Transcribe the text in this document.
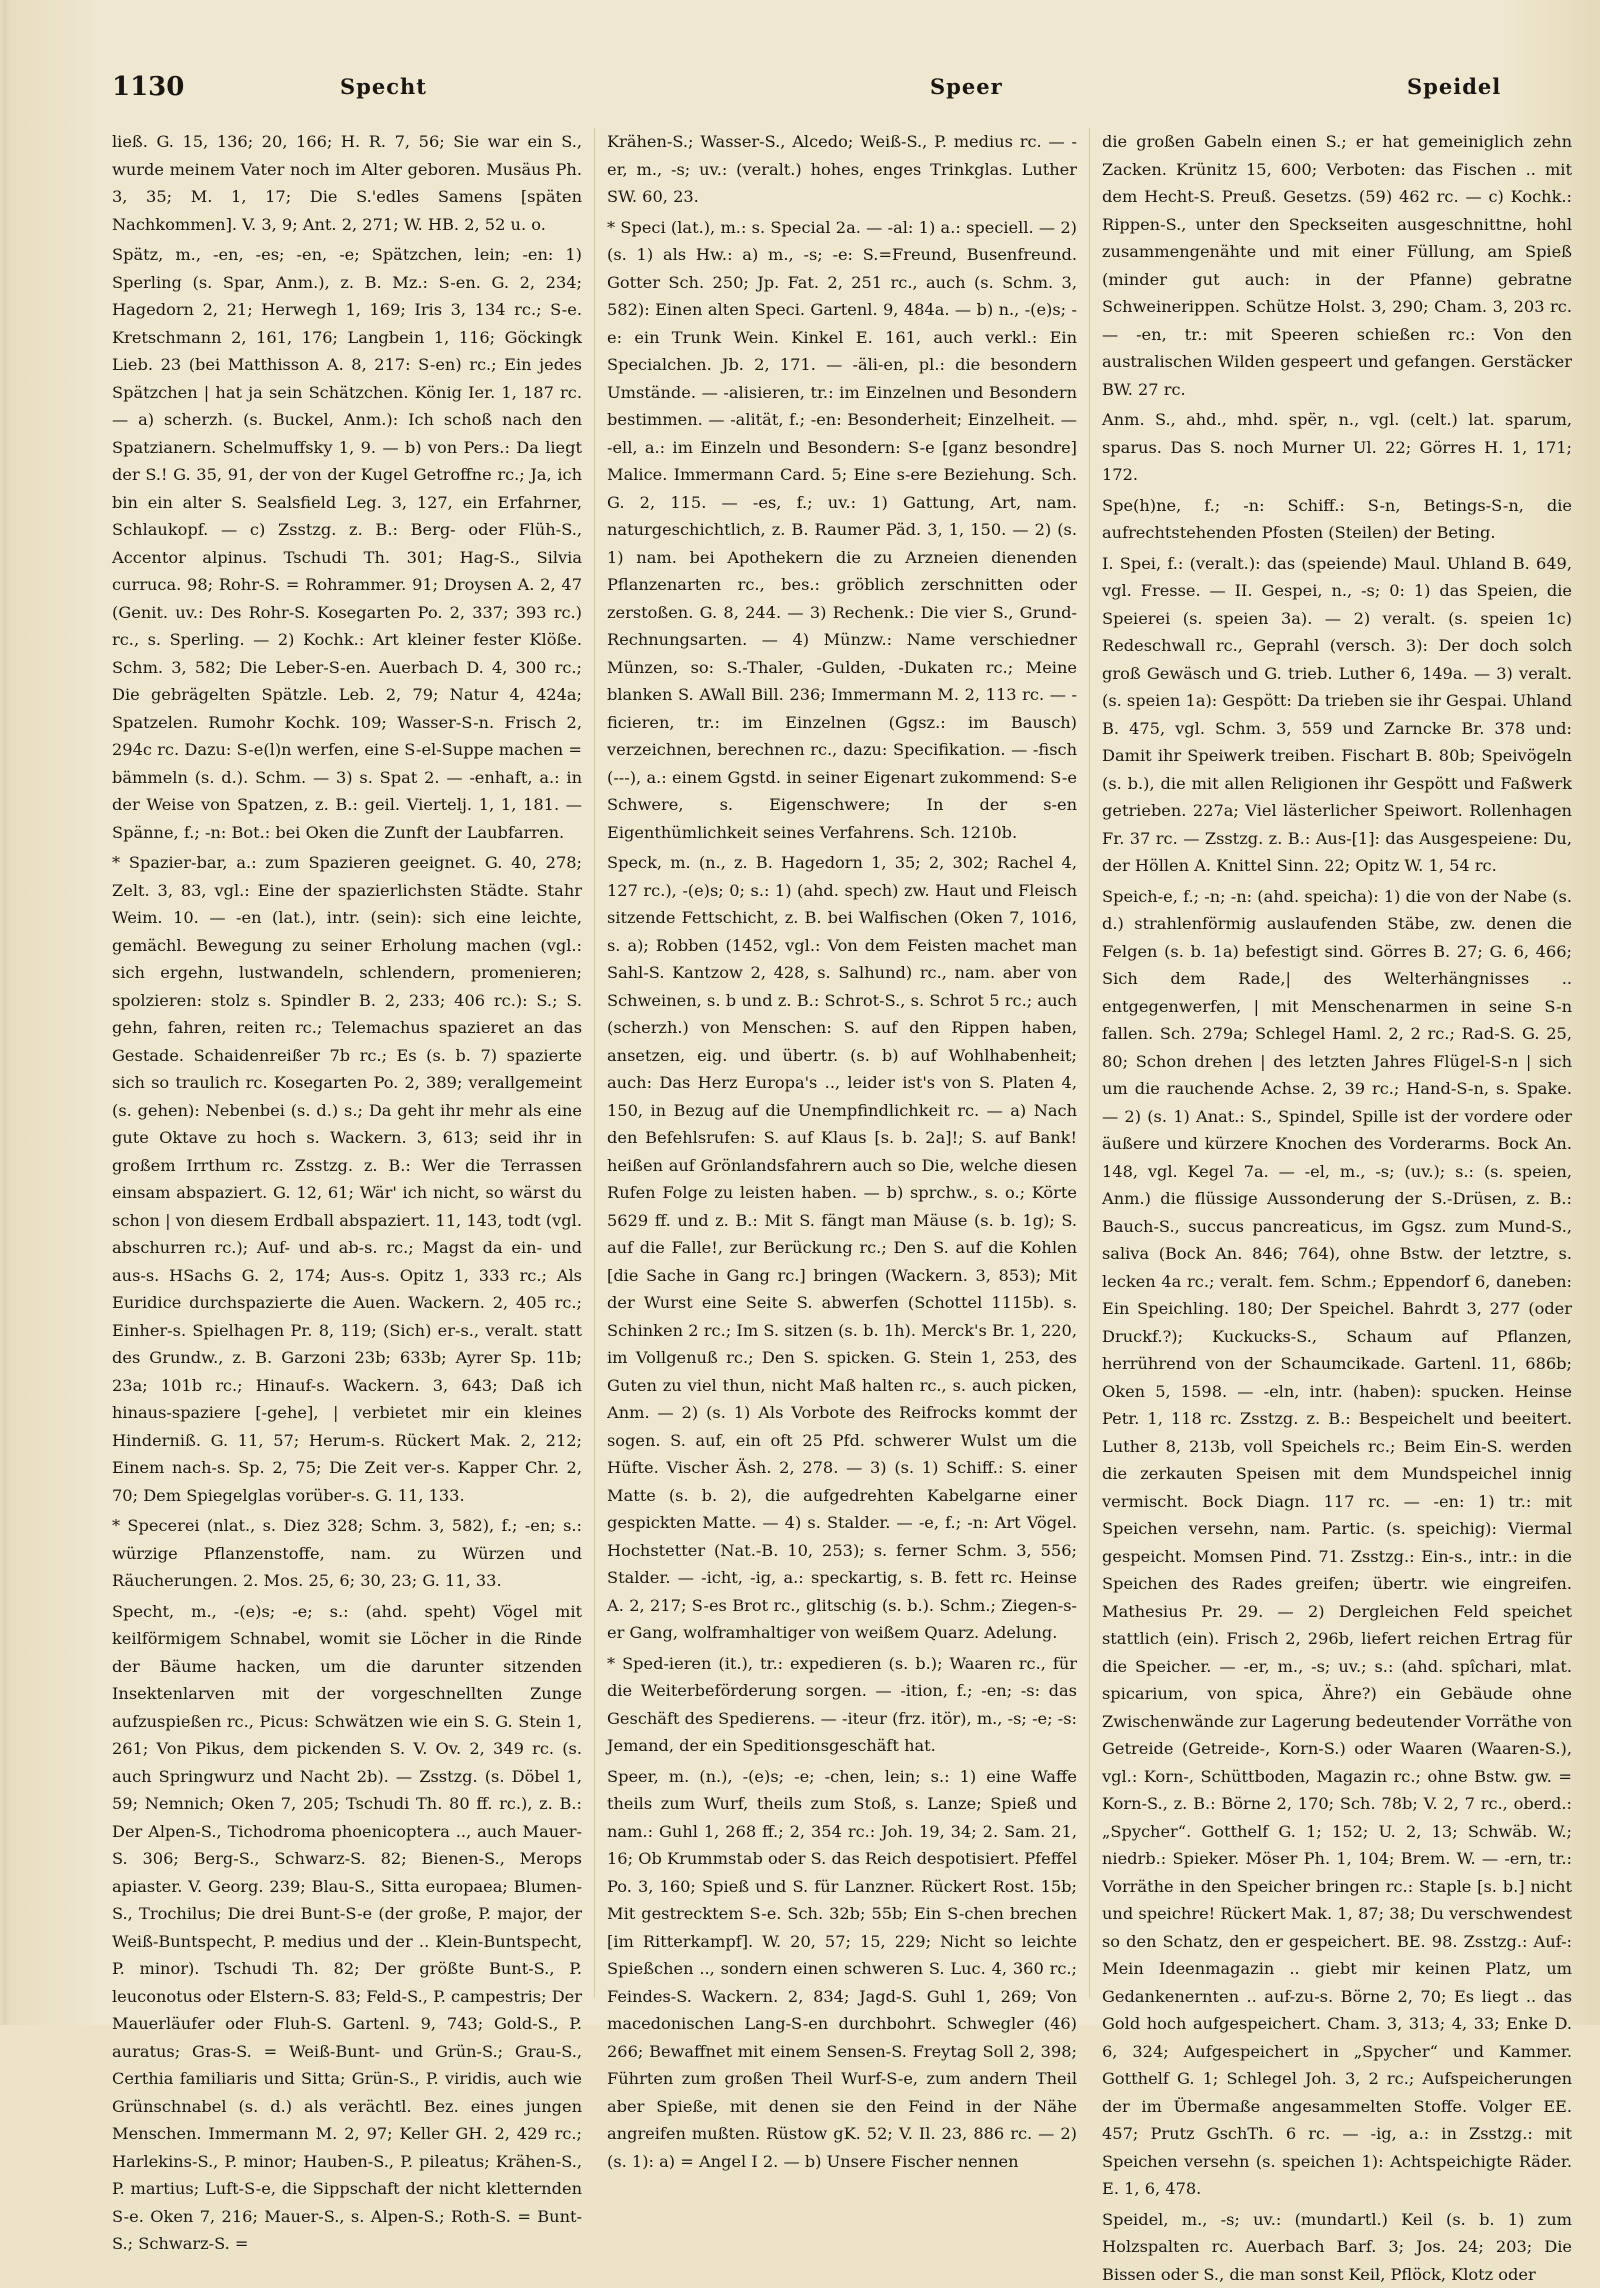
1130	Specht	Speer	Speidel

ließ. G. 15, 136; 20, 166; H. R. 7, 56; Sie war ein S., wurde meinem Vater noch im Alter geboren. Musäus Ph. 3, 35; M. 1, 17; Die S.'edles Samens [späten Nachkommen]. V. 3, 9; Ant. 2, 271; W. HB. 2, 52 u. o.

Spätz, m., -en, -es; -en, -e; Spätzchen, lein; -en: 1) Sperling (s. Spar, Anm.), z. B. Mz.: S-en. G. 2, 234; Hagedorn 2, 21; Herwegh 1, 169; Iris 3, 134 rc.; S-e. Kretschmann 2, 161, 176; Langbein 1, 116; Göckingk Lieb. 23 (bei Matthisson A. 8, 217: S-en) rc.; Ein jedes Spätzchen | hat ja sein Schätzchen. König Ier. 1, 187 rc. — a) scherzh. (s. Buckel, Anm.): Ich schoß nach den Spatzianern. Schelmuffsky 1, 9. — b) von Pers.: Da liegt der S.! G. 35, 91, der von der Kugel Getroffne rc.; Ja, ich bin ein alter S. Sealsfield Leg. 3, 127, ein Erfahrner, Schlaukopf. — c) Zsstzg. z. B.: Berg- oder Flüh-S., Accentor alpinus. Tschudi Th. 301; Hag-S., Silvia curruca. 98; Rohr-S. = Rohrammer. 91; Droysen A. 2, 47 (Genit. uv.: Des Rohr-S. Kosegarten Po. 2, 337; 393 rc.) rc., s. Sperling. — 2) Kochk.: Art kleiner fester Klöße. Schm. 3, 582; Die Leber-S-en. Auerbach D. 4, 300 rc.; Die gebrägelten Spätzle. Leb. 2, 79; Natur 4, 424a; Spatzelen. Rumohr Kochk. 109; Wasser-S-n. Frisch 2, 294c rc. Dazu: S-e(l)n werfen, eine S-el-Suppe machen = bämmeln (s. d.). Schm. — 3) s. Spat 2. — -enhaft, a.: in der Weise von Spatzen, z. B.: geil. Viertelj. 1, 1, 181. — Spänne, f.; -n: Bot.: bei Oken die Zunft der Laubfarren.

* Spazier-bar, a.: zum Spazieren geeignet. G. 40, 278; Zelt. 3, 83, vgl.: Eine der spazierlichsten Städte. Stahr Weim. 10. — -en (lat.), intr. (sein): sich eine leichte, gemächl. Bewegung zu seiner Erholung machen (vgl.: sich ergehn, lustwandeln, schlendern, promenieren; spolzieren: stolz s. Spindler B. 2, 233; 406 rc.): S.; S. gehn, fahren, reiten rc.; Telemachus spazieret an das Gestade. Schaidenreißer 7b rc.; Es (s. b. 7) spazierte sich so traulich rc. Kosegarten Po. 2, 389; verallgemeint (s. gehen): Nebenbei (s. d.) s.; Da geht ihr mehr als eine gute Oktave zu hoch s. Wackern. 3, 613; seid ihr in großem Irrthum rc. Zsstzg. z. B.: Wer die Terrassen einsam abspaziert. G. 12, 61; Wär' ich nicht, so wärst du schon | von diesem Erdball abspaziert. 11, 143, todt (vgl. abschurren rc.); Auf- und ab-s. rc.; Magst da ein- und aus-s. HSachs G. 2, 174; Aus-s. Opitz 1, 333 rc.; Als Euridice durchspazierte die Auen. Wackern. 2, 405 rc.; Einher-s. Spielhagen Pr. 8, 119; (Sich) er-s., veralt. statt des Grundw., z. B. Garzoni 23b; 633b; Ayrer Sp. 11b; 23a; 101b rc.; Hinauf-s. Wackern. 3, 643; Daß ich hinaus-spaziere [-gehe], | verbietet mir ein kleines Hinderniß. G. 11, 57; Herum-s. Rückert Mak. 2, 212; Einem nach-s. Sp. 2, 75; Die Zeit ver-s. Kapper Chr. 2, 70; Dem Spiegelglas vorüber-s. G. 11, 133.

* Specerei (nlat., s. Diez 328; Schm. 3, 582), f.; -en; s.: würzige Pflanzenstoffe, nam. zu Würzen und Räucherungen. 2. Mos. 25, 6; 30, 23; G. 11, 33.

Specht, m., -(e)s; -e; s.: (ahd. speht) Vögel mit keilförmigem Schnabel, womit sie Löcher in die Rinde der Bäume hacken, um die darunter sitzenden Insektenlarven mit der vorgeschnellten Zunge aufzuspießen rc., Picus: Schwätzen wie ein S. G. Stein 1, 261; Von Pikus, dem pickenden S. V. Ov. 2, 349 rc. (s. auch Springwurz und Nacht 2b). — Zsstzg. (s. Döbel 1, 59; Nemnich; Oken 7, 205; Tschudi Th. 80 ff. rc.), z. B.: Der Alpen-S., Tichodroma phoenicoptera .., auch Mauer-S. 306; Berg-S., Schwarz-S. 82; Bienen-S., Merops apiaster. V. Georg. 239; Blau-S., Sitta europaea; Blumen-S., Trochilus; Die drei Bunt-S-e (der große, P. major, der Weiß-Buntspecht, P. medius und der .. Klein-Buntspecht, P. minor). Tschudi Th. 82; Der größte Bunt-S., P. leuconotus oder Elstern-S. 83; Feld-S., P. campestris; Der Mauerläufer oder Fluh-S. Gartenl. 9, 743; Gold-S., P. auratus; Gras-S. = Weiß-Bunt- und Grün-S.; Grau-S., Certhia familiaris und Sitta; Grün-S., P. viridis, auch wie Grünschnabel (s. d.) als verächtl. Bez. eines jungen Menschen. Immermann M. 2, 97; Keller GH. 2, 429 rc.; Harlekins-S., P. minor; Hauben-S., P. pileatus; Krähen-S., P. martius; Luft-S-e, die Sippschaft der nicht kletternden S-e. Oken 7, 216; Mauer-S., s. Alpen-S.; Roth-S. = Bunt-S.; Schwarz-S. =

Krähen-S.; Wasser-S., Alcedo; Weiß-S., P. medius rc. — -er, m., -s; uv.: (veralt.) hohes, enges Trinkglas. Luther SW. 60, 23.

* Speci (lat.), m.: s. Special 2a. — -al: 1) a.: speciell. — 2) (s. 1) als Hw.: a) m., -s; -e: S.=Freund, Busenfreund. Gotter Sch. 250; Jp. Fat. 2, 251 rc., auch (s. Schm. 3, 582): Einen alten Speci. Gartenl. 9, 484a. — b) n., -(e)s; -e: ein Trunk Wein. Kinkel E. 161, auch verkl.: Ein Specialchen. Jb. 2, 171. — -äli-en, pl.: die besondern Umstände. — -alisieren, tr.: im Einzelnen und Besondern bestimmen. — -alität, f.; -en: Besonderheit; Einzelheit. — -ell, a.: im Einzeln und Besondern: S-e [ganz besondre] Malice. Immermann Card. 5; Eine s-ere Beziehung. Sch. G. 2, 115. — -es, f.; uv.: 1) Gattung, Art, nam. naturgeschichtlich, z. B. Raumer Päd. 3, 1, 150. — 2) (s. 1) nam. bei Apothekern die zu Arzneien dienenden Pflanzenarten rc., bes.: gröblich zerschnitten oder zerstoßen. G. 8, 244. — 3) Rechenk.: Die vier S., Grund-Rechnungsarten. — 4) Münzw.: Name verschiedner Münzen, so: S.-Thaler, -Gulden, -Dukaten rc.; Meine blanken S. AWall Bill. 236; Immermann M. 2, 113 rc. — -ficieren, tr.: im Einzelnen (Ggsz.: im Bausch) verzeichnen, berechnen rc., dazu: Specifikation. — -fisch (---), a.: einem Ggstd. in seiner Eigenart zukommend: S-e Schwere, s. Eigenschwere; In der s-en Eigenthümlichkeit seines Verfahrens. Sch. 1210b.

Speck, m. (n., z. B. Hagedorn 1, 35; 2, 302; Rachel 4, 127 rc.), -(e)s; 0; s.: 1) (ahd. spech) zw. Haut und Fleisch sitzende Fettschicht, z. B. bei Walfischen (Oken 7, 1016, s. a); Robben (1452, vgl.: Von dem Feisten machet man Sahl-S. Kantzow 2, 428, s. Salhund) rc., nam. aber von Schweinen, s. b und z. B.: Schrot-S., s. Schrot 5 rc.; auch (scherzh.) von Menschen: S. auf den Rippen haben, ansetzen, eig. und übertr. (s. b) auf Wohlhabenheit; auch: Das Herz Europa's .., leider ist's von S. Platen 4, 150, in Bezug auf die Unempfindlichkeit rc. — a) Nach den Befehlsrufen: S. auf Klaus [s. b. 2a]!; S. auf Bank! heißen auf Grönlandsfahrern auch so Die, welche diesen Rufen Folge zu leisten haben. — b) sprchw., s. o.; Körte 5629 ff. und z. B.: Mit S. fängt man Mäuse (s. b. 1g); S. auf die Falle!, zur Berückung rc.; Den S. auf die Kohlen [die Sache in Gang rc.] bringen (Wackern. 3, 853); Mit der Wurst eine Seite S. abwerfen (Schottel 1115b). s. Schinken 2 rc.; Im S. sitzen (s. b. 1h). Merck's Br. 1, 220, im Vollgenuß rc.; Den S. spicken. G. Stein 1, 253, des Guten zu viel thun, nicht Maß halten rc., s. auch picken, Anm. — 2) (s. 1) Als Vorbote des Reifrocks kommt der sogen. S. auf, ein oft 25 Pfd. schwerer Wulst um die Hüfte. Vischer Äsh. 2, 278. — 3) (s. 1) Schiff.: S. einer Matte (s. b. 2), die aufgedrehten Kabelgarne einer gespickten Matte. — 4) s. Stalder. — -e, f.; -n: Art Vögel. Hochstetter (Nat.-B. 10, 253); s. ferner Schm. 3, 556; Stalder. — -icht, -ig, a.: speckartig, s. B. fett rc. Heinse A. 2, 217; S-es Brot rc., glitschig (s. b.). Schm.; Ziegen-s-er Gang, wolframhaltiger von weißem Quarz. Adelung.

* Sped-ieren (it.), tr.: expedieren (s. b.); Waaren rc., für die Weiterbeförderung sorgen. — -ition, f.; -en; -s: das Geschäft des Spedierens. — -iteur (frz. itör), m., -s; -e; -s: Jemand, der ein Speditionsgeschäft hat.

Speer, m. (n.), -(e)s; -e; -chen, lein; s.: 1) eine Waffe theils zum Wurf, theils zum Stoß, s. Lanze; Spieß und nam.: Guhl 1, 268 ff.; 2, 354 rc.: Joh. 19, 34; 2. Sam. 21, 16; Ob Krummstab oder S. das Reich despotisiert. Pfeffel Po. 3, 160; Spieß und S. für Lanzner. Rückert Rost. 15b; Mit gestrecktem S-e. Sch. 32b; 55b; Ein S-chen brechen [im Ritterkampf]. W. 20, 57; 15, 229; Nicht so leichte Spießchen .., sondern einen schweren S. Luc. 4, 360 rc.; Feindes-S. Wackern. 2, 834; Jagd-S. Guhl 1, 269; Von macedonischen Lang-S-en durchbohrt. Schwegler (46) 266; Bewaffnet mit einem Sensen-S. Freytag Soll 2, 398; Führten zum großen Theil Wurf-S-e, zum andern Theil aber Spieße, mit denen sie den Feind in der Nähe angreifen mußten. Rüstow gK. 52; V. Il. 23, 886 rc. — 2) (s. 1): a) = Angel I 2. — b) Unsere Fischer nennen

die großen Gabeln einen S.; er hat gemeiniglich zehn Zacken. Krünitz 15, 600; Verboten: das Fischen .. mit dem Hecht-S. Preuß. Gesetzs. (59) 462 rc. — c) Kochk.: Rippen-S., unter den Speckseiten ausgeschnittne, hohl zusammengenähte und mit einer Füllung, am Spieß (minder gut auch: in der Pfanne) gebratne Schweinerippen. Schütze Holst. 3, 290; Cham. 3, 203 rc. — -en, tr.: mit Speeren schießen rc.: Von den australischen Wilden gespeert und gefangen. Gerstäcker BW. 27 rc.

Anm. S., ahd., mhd. spër, n., vgl. (celt.) lat. sparum, sparus. Das S. noch Murner Ul. 22; Görres H. 1, 171; 172.

Spe(h)ne, f.; -n: Schiff.: S-n, Betings-S-n, die aufrechtstehenden Pfosten (Steilen) der Beting.

I. Spei, f.: (veralt.): das (speiende) Maul. Uhland B. 649, vgl. Fresse. — II. Gespei, n., -s; 0: 1) das Speien, die Speierei (s. speien 3a). — 2) veralt. (s. speien 1c) Redeschwall rc., Geprahl (versch. 3): Der doch solch groß Gewäsch und G. trieb. Luther 6, 149a. — 3) veralt. (s. speien 1a): Gespött: Da trieben sie ihr Gespai. Uhland B. 475, vgl. Schm. 3, 559 und Zarncke Br. 378 und: Damit ihr Speiwerk treiben. Fischart B. 80b; Speivögeln (s. b.), die mit allen Religionen ihr Gespött und Faßwerk getrieben. 227a; Viel lästerlicher Speiwort. Rollenhagen Fr. 37 rc. — Zsstzg. z. B.: Aus-[1]: das Ausgespeiene: Du, der Höllen A. Knittel Sinn. 22; Opitz W. 1, 54 rc.

Speich-e, f.; -n; -n: (ahd. speicha): 1) die von der Nabe (s. d.) strahlenförmig auslaufenden Stäbe, zw. denen die Felgen (s. b. 1a) befestigt sind. Görres B. 27; G. 6, 466; Sich dem Rade,| des Welterhängnisses .. entgegenwerfen, | mit Menschenarmen in seine S-n fallen. Sch. 279a; Schlegel Haml. 2, 2 rc.; Rad-S. G. 25, 80; Schon drehen | des letzten Jahres Flügel-S-n | sich um die rauchende Achse. 2, 39 rc.; Hand-S-n, s. Spake. — 2) (s. 1) Anat.: S., Spindel, Spille ist der vordere oder äußere und kürzere Knochen des Vorderarms. Bock An. 148, vgl. Kegel 7a. — -el, m., -s; (uv.); s.: (s. speien, Anm.) die flüssige Aussonderung der S.-Drüsen, z. B.: Bauch-S., succus pancreaticus, im Ggsz. zum Mund-S., saliva (Bock An. 846; 764), ohne Bstw. der letztre, s. lecken 4a rc.; veralt. fem. Schm.; Eppendorf 6, daneben: Ein Speichling. 180; Der Speichel. Bahrdt 3, 277 (oder Druckf.?); Kuckucks-S., Schaum auf Pflanzen, herrührend von der Schaumcikade. Gartenl. 11, 686b; Oken 5, 1598. — -eln, intr. (haben): spucken. Heinse Petr. 1, 118 rc. Zsstzg. z. B.: Bespeichelt und beeitert. Luther 8, 213b, voll Speichels rc.; Beim Ein-S. werden die zerkauten Speisen mit dem Mundspeichel innig vermischt. Bock Diagn. 117 rc. — -en: 1) tr.: mit Speichen versehn, nam. Partic. (s. speichig): Viermal gespeicht. Momsen Pind. 71. Zsstzg.: Ein-s., intr.: in die Speichen des Rades greifen; übertr. wie eingreifen. Mathesius Pr. 29. — 2) Dergleichen Feld speichet stattlich (ein). Frisch 2, 296b, liefert reichen Ertrag für die Speicher. — -er, m., -s; uv.; s.: (ahd. spîchari, mlat. spicarium, von spica, Ähre?) ein Gebäude ohne Zwischenwände zur Lagerung bedeutender Vorräthe von Getreide (Getreide-, Korn-S.) oder Waaren (Waaren-S.), vgl.: Korn-, Schüttboden, Magazin rc.; ohne Bstw. gw. = Korn-S., z. B.: Börne 2, 170; Sch. 78b; V. 2, 7 rc., oberd.: „Spycher“. Gotthelf G. 1; 152; U. 2, 13; Schwäb. W.; niedrb.: Spieker. Möser Ph. 1, 104; Brem. W. — -ern, tr.: Vorräthe in den Speicher bringen rc.: Staple [s. b.] nicht und speichre! Rückert Mak. 1, 87; 38; Du verschwendest so den Schatz, den er gespeichert. BE. 98. Zsstzg.: Auf-: Mein Ideenmagazin .. giebt mir keinen Platz, um Gedankenernten .. auf-zu-s. Börne 2, 70; Es liegt .. das Gold hoch aufgespeichert. Cham. 3, 313; 4, 33; Enke D. 6, 324; Aufgespeichert in „Spycher“ und Kammer. Gotthelf G. 1; Schlegel Joh. 3, 2 rc.; Aufspeicherungen der im Übermaße angesammelten Stoffe. Volger EE. 457; Prutz GschTh. 6 rc. — -ig, a.: in Zsstzg.: mit Speichen versehn (s. speichen 1): Achtspeichigte Räder. E. 1, 6, 478.

Speidel, m., -s; uv.: (mundartl.) Keil (s. b. 1) zum Holzspalten rc. Auerbach Barf. 3; Jos. 24; 203; Die Bissen oder S., die man sonst Keil, Pflöck, Klotz oder
